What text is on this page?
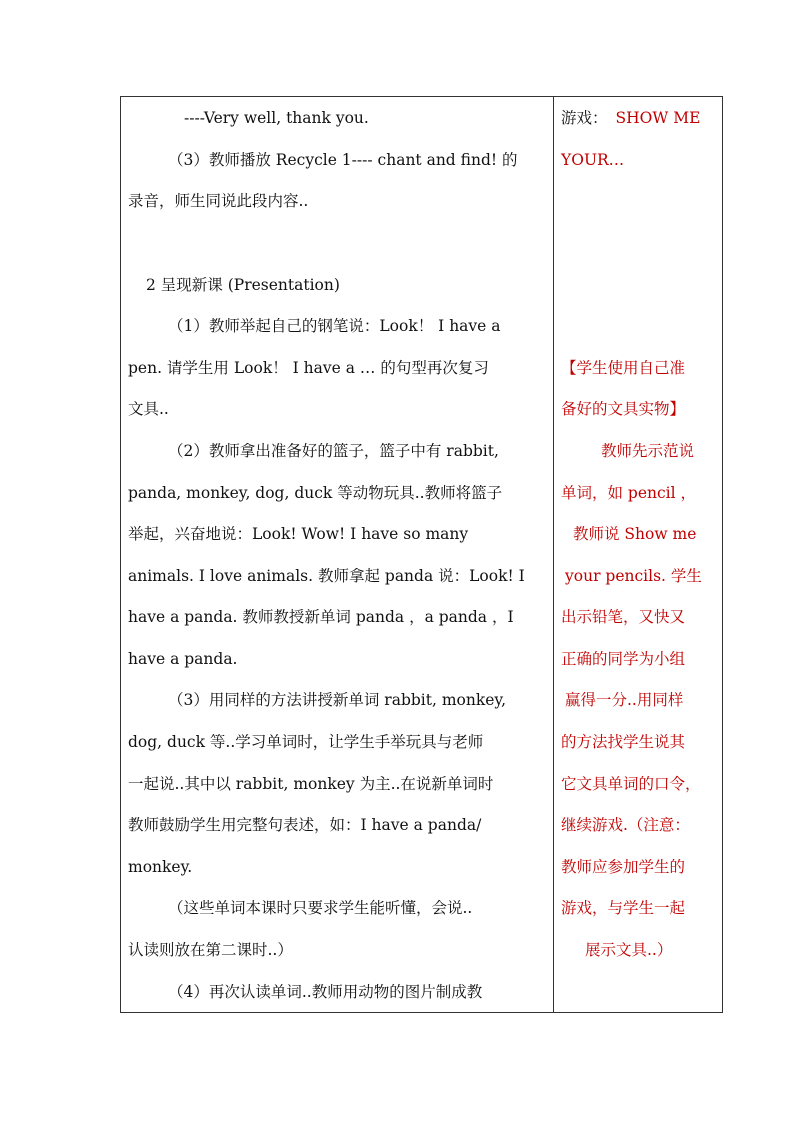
----Very well, thank you.
（3）教师播放 Recycle 1---- chant and find! 的
录音，师生同说此段内容..
2 呈现新课 (Presentation)
（1）教师举起自己的钢笔说：Look！ I have a
pen. 请学生用 Look！ I have a … 的句型再次复习
文具..
（2）教师拿出准备好的篮子，篮子中有 rabbit,
panda, monkey, dog, duck 等动物玩具..教师将篮子
举起，兴奋地说：Look! Wow! I have so many
animals. I love animals. 教师拿起 panda 说：Look! I
have a panda. 教师教授新单词 panda ，a panda ，I
have a panda.
（3）用同样的方法讲授新单词 rabbit, monkey,
dog, duck 等..学习单词时，让学生手举玩具与老师
一起说..其中以 rabbit, monkey 为主..在说新单词时
教师鼓励学生用完整句表述，如：I have a panda/
monkey.
（这些单词本课时只要求学生能听懂，会说..
认读则放在第二课时..）
（4）再次认读单词..教师用动物的图片制成教
游戏： SHOW ME
YOUR…
【学生使用自己准
备好的文具实物】
教师先示范说
单词，如 pencil ，
教师说 Show me
your pencils. 学生
出示铅笔，又快又
正确的同学为小组
赢得一分..用同样
的方法找学生说其
它文具单词的口令，
继续游戏.（注意：
教师应参加学生的
游戏，与学生一起
展示文具..）
